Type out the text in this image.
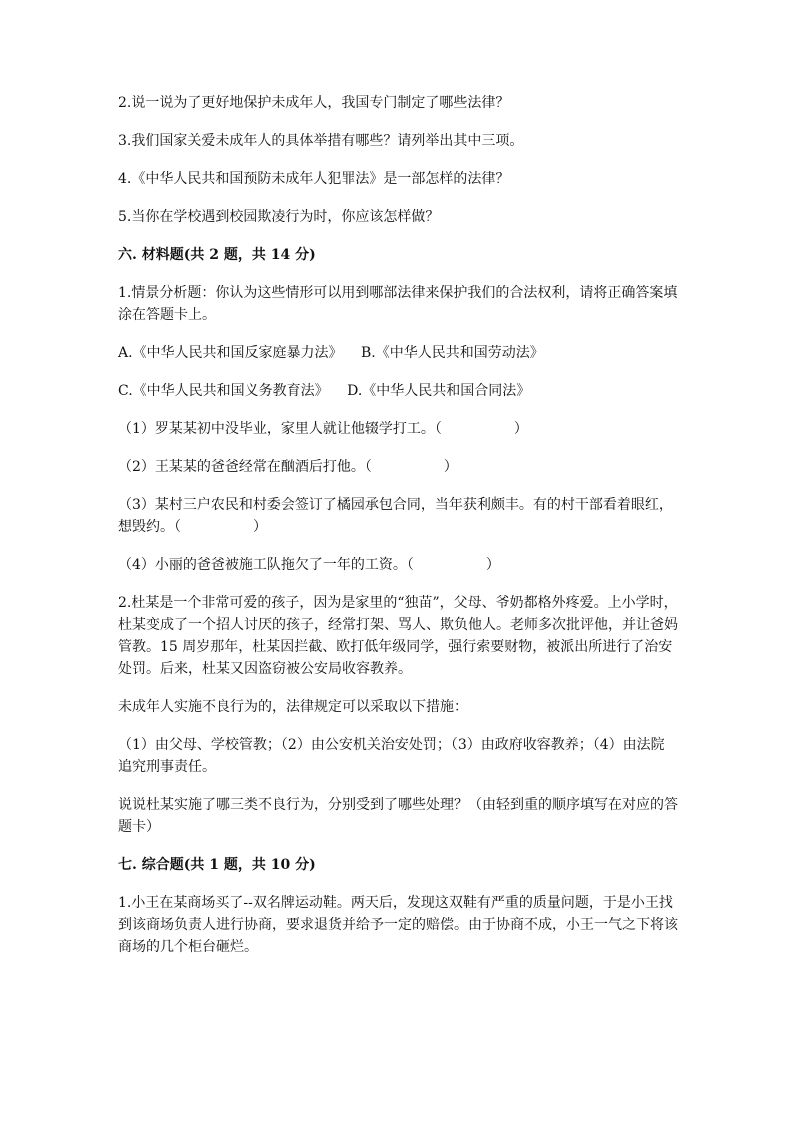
2.说一说为了更好地保护未成年人，我国专门制定了哪些法律？

3.我们国家关爱未成年人的具体举措有哪些？请列举出其中三项。

4.《中华人民共和国预防未成年人犯罪法》是一部怎样的法律？

5.当你在学校遇到校园欺凌行为时，你应该怎样做？

六. 材料题(共 2 题，共 14 分)

1.情景分析题：你认为这些情形可以用到哪部法律来保护我们的合法权利，请将正确答案填涂在答题卡上。

A.《中华人民共和国反家庭暴力法》 B.《中华人民共和国劳动法》
C.《中华人民共和国义务教育法》 D.《中华人民共和国合同法》

（1）罗某某初中没毕业，家里人就让他辍学打工。（	）

（2）王某某的爸爸经常在酗酒后打他。（	）

（3）某村三户农民和村委会签订了橘园承包合同，当年获利颇丰。有的村干部看着眼红，想毁约。（	）

（4）小丽的爸爸被施工队拖欠了一年的工资。（	）

2.杜某是一个非常可爱的孩子，因为是家里的“独苗”，父母、爷奶都格外疼爱。上小学时，杜某变成了一个招人讨厌的孩子，经常打架、骂人、欺负他人。老师多次批评他，并让爸妈管教。15 周岁那年，杜某因拦截、欧打低年级同学，强行索要财物，被派出所进行了治安处罚。后来，杜某又因盗窃被公安局收容教养。

未成年人实施不良行为的，法律规定可以采取以下措施：

（1）由父母、学校管教；（2）由公安机关治安处罚；（3）由政府收容教养；（4）由法院追究刑事责任。

说说杜某实施了哪三类不良行为，分别受到了哪些处理？（由轻到重的顺序填写在对应的答题卡）

七. 综合题(共 1 题，共 10 分)

1.小王在某商场买了--双名牌运动鞋。两天后，发现这双鞋有严重的质量问题，于是小王找到该商场负责人进行协商，要求退货并给予一定的赔偿。由于协商不成，小王一气之下将该商场的几个柜台砸烂。
